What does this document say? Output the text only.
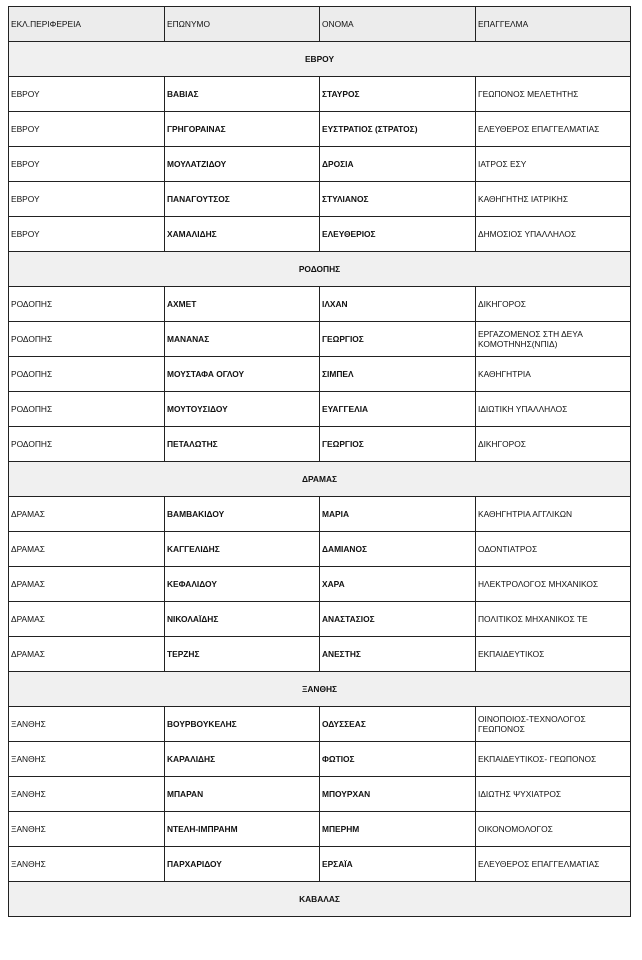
ΕΚΛ.ΠΕΡΙΦΕΡΕΙΑ	ΕΠΩΝΥΜΟ	ΟΝΟΜΑ	ΕΠΑΓΓΕΛΜΑ
ΕΒΡΟΥ			
ΕΒΡΟΥ	ΒΑΒΙΑΣ	ΣΤΑΥΡΟΣ	ΓΕΩΠΟΝΟΣ ΜΕΛΕΤΗΤΗΣ
ΕΒΡΟΥ	ΓΡΗΓΟΡΑΙΝΑΣ	ΕΥΣΤΡΑΤΙΟΣ (ΣΤΡΑΤΟΣ)	ΕΛΕΥΘΕΡΟΣ ΕΠΑΓΓΕΛΜΑΤΙΑΣ
ΕΒΡΟΥ	ΜΟΥΛΑΤΖΙΔΟΥ	ΔΡΟΣΙΑ	ΙΑΤΡΟΣ ΕΣΥ
ΕΒΡΟΥ	ΠΑΝΑΓΟΥΤΣΟΣ	ΣΤΥΛΙΑΝΟΣ	ΚΑΘΗΓΗΤΗΣ ΙΑΤΡΙΚΗΣ
ΕΒΡΟΥ	ΧΑΜΑΛΙΔΗΣ	ΕΛΕΥΘΕΡΙΟΣ	ΔΗΜΟΣΙΟΣ ΥΠΑΛΛΗΛΟΣ
ΡΟΔΟΠΗΣ			
ΡΟΔΟΠΗΣ	ΑΧΜΕΤ	ΙΛΧΑΝ	ΔΙΚΗΓΟΡΟΣ
ΡΟΔΟΠΗΣ	ΜΑΝΑΝΑΣ	ΓΕΩΡΓΙΟΣ	ΕΡΓΑΖΟΜΕΝΟΣ ΣΤΗ ΔΕΥΑ ΚΟΜΟΤΗΝΗΣ(ΝΠΙΔ)
ΡΟΔΟΠΗΣ	ΜΟΥΣΤΑΦΑ ΟΓΛΟΥ	ΣΙΜΠΕΛ	ΚΑΘΗΓΗΤΡΙΑ
ΡΟΔΟΠΗΣ	ΜΟΥΤΟΥΣΙΔΟΥ	ΕΥΑΓΓΕΛΙΑ	ΙΔΙΩΤΙΚΗ ΥΠΑΛΛΗΛΟΣ
ΡΟΔΟΠΗΣ	ΠΕΤΑΛΩΤΗΣ	ΓΕΩΡΓΙΟΣ	ΔΙΚΗΓΟΡΟΣ
ΔΡΑΜΑΣ			
ΔΡΑΜΑΣ	ΒΑΜΒΑΚΙΔΟΥ	ΜΑΡΙΑ	ΚΑΘΗΓΗΤΡΙΑ ΑΓΓΛΙΚΩΝ
ΔΡΑΜΑΣ	ΚΑΓΓΕΛΙΔΗΣ	ΔΑΜΙΑΝΟΣ	ΟΔΟΝΤΙΑΤΡΟΣ
ΔΡΑΜΑΣ	ΚΕΦΑΛΙΔΟΥ	ΧΑΡΑ	ΗΛΕΚΤΡΟΛΟΓΟΣ ΜΗΧΑΝΙΚΟΣ
ΔΡΑΜΑΣ	ΝΙΚΟΛΑΪΔΗΣ	ΑΝΑΣΤΑΣΙΟΣ	ΠΟΛΙΤΙΚΟΣ ΜΗΧΑΝΙΚΟΣ ΤΕ
ΔΡΑΜΑΣ	ΤΕΡΖΗΣ	ΑΝΕΣΤΗΣ	ΕΚΠΑΙΔΕΥΤΙΚΟΣ
ΞΑΝΘΗΣ			
ΞΑΝΘΗΣ	ΒΟΥΡΒΟΥΚΕΛΗΣ	ΟΔΥΣΣΕΑΣ	ΟΙΝΟΠΟΙΟΣ-ΤΕΧΝΟΛΟΓΟΣ ΓΕΩΠΟΝΟΣ
ΞΑΝΘΗΣ	ΚΑΡΑΛΙΔΗΣ	ΦΩΤΙΟΣ	ΕΚΠΑΙΔΕΥΤΙΚΟΣ- ΓΕΩΠΟΝΟΣ
ΞΑΝΘΗΣ	ΜΠΑΡΑΝ	ΜΠΟΥΡΧΑΝ	ΙΔΙΩΤΗΣ ΨΥΧΙΑΤΡΟΣ
ΞΑΝΘΗΣ	ΝΤΕΛΗ-ΙΜΠΡΑΗΜ	ΜΠΕΡΗΜ	ΟΙΚΟΝΟΜΟΛΟΓΟΣ
ΞΑΝΘΗΣ	ΠΑΡΧΑΡΙΔΟΥ	ΕΡΣΑΪΑ	ΕΛΕΥΘΕΡΟΣ ΕΠΑΓΓΕΛΜΑΤΙΑΣ
ΚΑΒΑΛΑΣ			
